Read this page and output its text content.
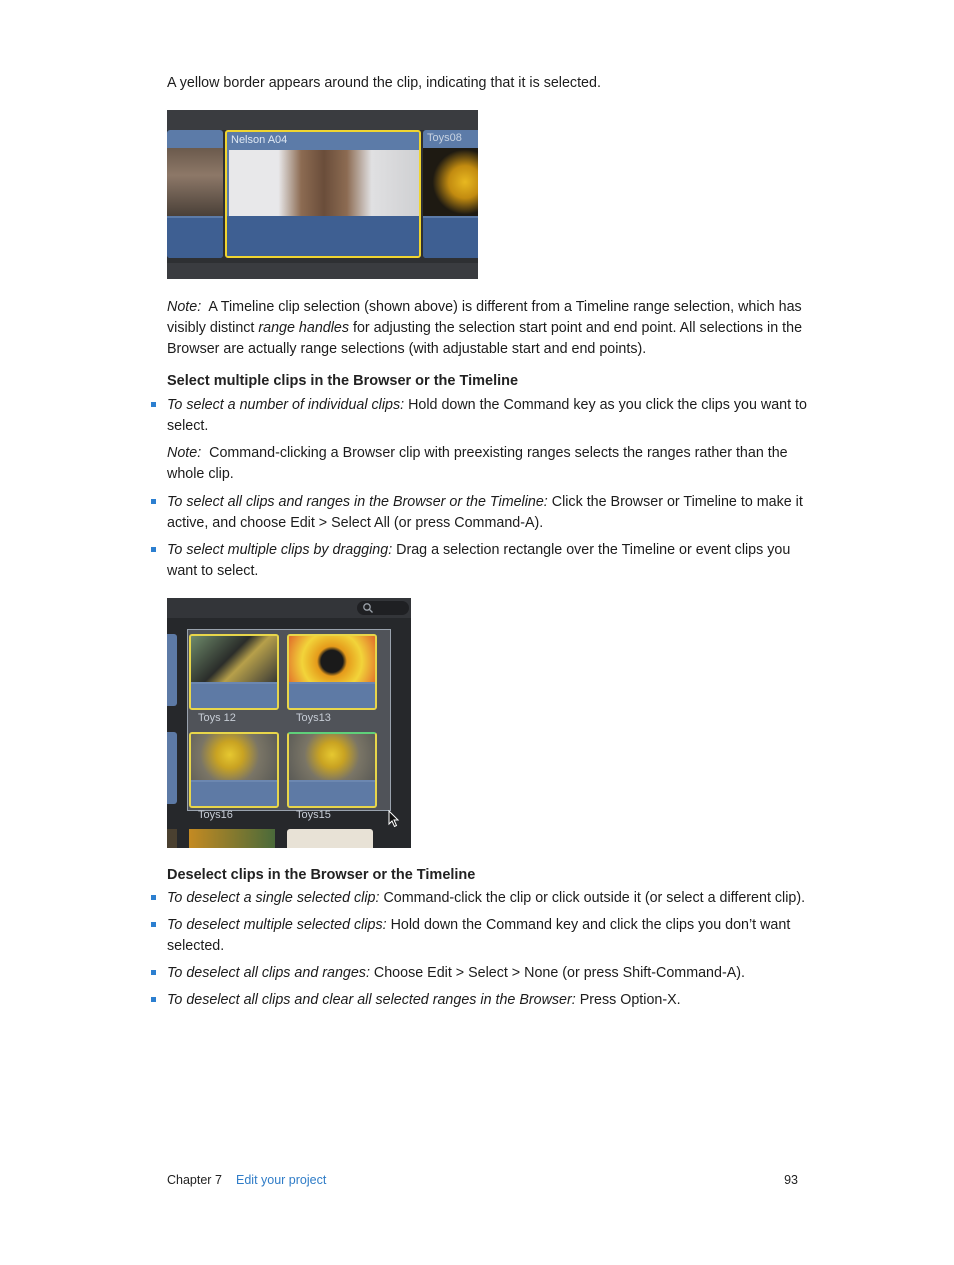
A yellow border appears around the clip, indicating that it is selected.
Nelson A04	Toys08
Note: A Timeline clip selection (shown above) is different from a Timeline range selection, which has visibly distinct range handles for adjusting the selection start point and end point. All selections in the Browser are actually range selections (with adjustable start and end points).
Select multiple clips in the Browser or the Timeline
To select a number of individual clips: Hold down the Command key as you click the clips you want to select.
Note: Command-clicking a Browser clip with preexisting ranges selects the ranges rather than the whole clip.
To select all clips and ranges in the Browser or the Timeline: Click the Browser or Timeline to make it active, and choose Edit > Select All (or press Command-A).
To select multiple clips by dragging: Drag a selection rectangle over the Timeline or event clips you want to select.
Toys 12	Toys13
Toys16	Toys15
Deselect clips in the Browser or the Timeline
To deselect a single selected clip: Command-click the clip or click outside it (or select a different clip).
To deselect multiple selected clips: Hold down the Command key and click the clips you don’t want selected.
To deselect all clips and ranges: Choose Edit > Select > None (or press Shift-Command-A).
To deselect all clips and clear all selected ranges in the Browser: Press Option-X.
Chapter 7 Edit your project	93
